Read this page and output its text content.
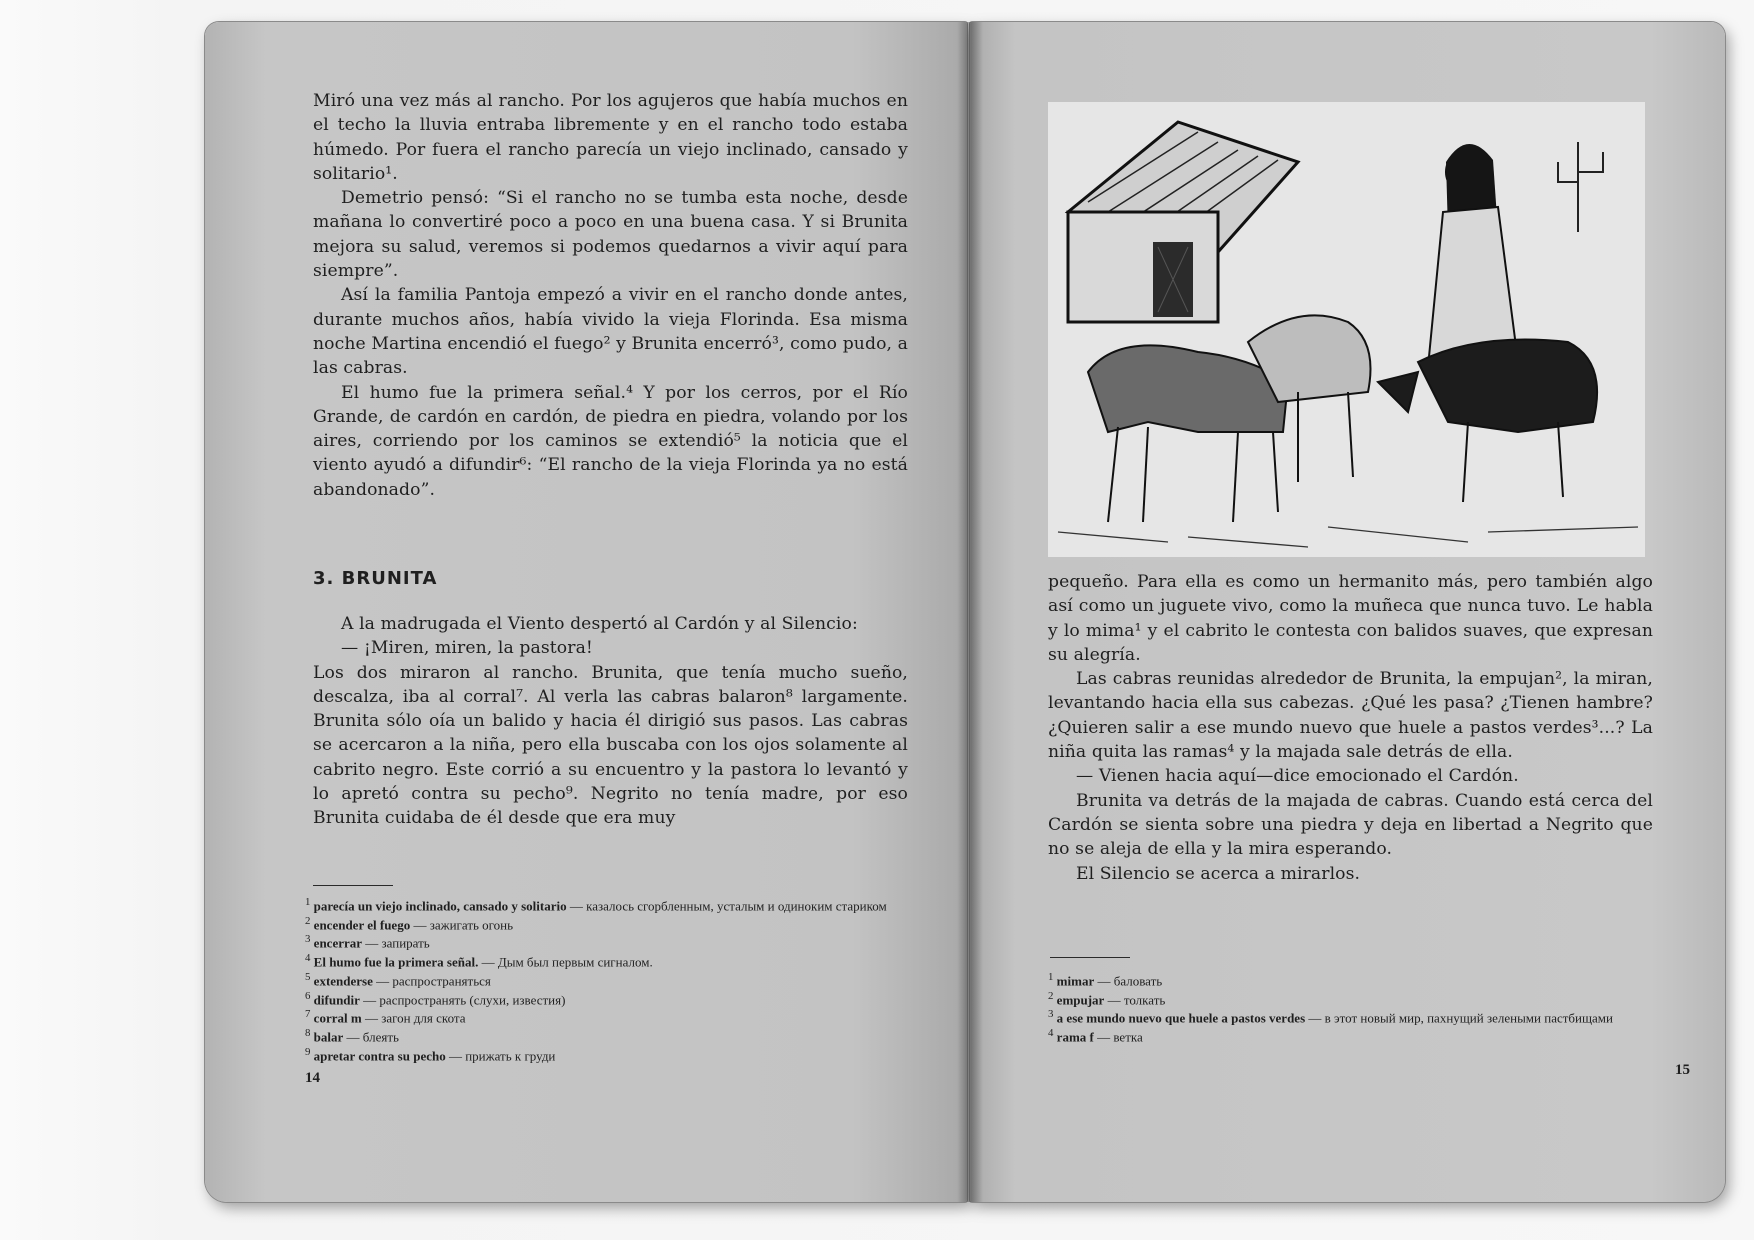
Miró una vez más al rancho. Por los agujeros que había muchos en el techo la lluvia entraba libremente y en el rancho todo estaba húmedo. Por fuera el rancho parecía un viejo inclinado, cansado y solitario¹.

Demetrio pensó: “Si el rancho no se tumba esta noche, desde mañana lo convertiré poco a poco en una buena casa. Y si Brunita mejora su salud, veremos si podemos quedarnos a vivir aquí para siempre”.

Así la familia Pantoja empezó a vivir en el rancho donde antes, durante muchos años, había vivido la vieja Florinda. Esa misma noche Martina encendió el fuego² y Brunita encerró³, como pudo, a las cabras.

El humo fue la primera señal.⁴ Y por los cerros, por el Río Grande, de cardón en cardón, de piedra en piedra, volando por los aires, corriendo por los caminos se extendió⁵ la noticia que el viento ayudó a difundir⁶: “El rancho de la vieja Florinda ya no está abandonado”.

3. BRUNITA

A la madrugada el Viento despertó al Cardón y al Silencio:

— ¡Miren, miren, la pastora!

Los dos miraron al rancho. Brunita, que tenía mucho sueño, descalza, iba al corral⁷. Al verla las cabras balaron⁸ largamente. Brunita sólo oía un balido y hacia él dirigió sus pasos. Las cabras se acercaron a la niña, pero ella buscaba con los ojos solamente al cabrito negro. Este corrió a su encuentro y la pastora lo levantó y lo apretó contra su pecho⁹. Negrito no tenía madre, por eso Brunita cuidaba de él desde que era muy

$^1$ parecía un viejo inclinado, cansado y solitario — казалось сгорбленным, усталым и одиноким стариком
$^2$ encender el fuego — зажигать огонь
$^3$ encerrar — запирать
$^4$ El humo fue la primera señal. — Дым был первым сигналом.
$^5$ extenderse — распространяться
$^6$ difundir — распространять (слухи, известия)
$^7$ corral m — загон для скота
$^8$ balar — блеять
$^9$ apretar contra su pecho — прижать к груди
14

pequeño. Para ella es como un hermanito más, pero también algo así como un juguete vivo, como la muñeca que nunca tuvo. Le habla y lo mima¹ y el cabrito le contesta con balidos suaves, que expresan su alegría.

Las cabras reunidas alrededor de Brunita, la empujan², la miran, levantando hacia ella sus cabezas. ¿Qué les pasa? ¿Tienen hambre? ¿Quieren salir a ese mundo nuevo que huele a pastos verdes³...? La niña quita las ramas⁴ y la majada sale detrás de ella.

— Vienen hacia aquí—dice emocionado el Cardón.

Brunita va detrás de la majada de cabras. Cuando está cerca del Cardón se sienta sobre una piedra y deja en libertad a Negrito que no se aleja de ella y la mira esperando.

El Silencio se acerca a mirarlos.

$^1$ mimar — баловать
$^2$ empujar — толкать
$^3$ a ese mundo nuevo que huele a pastos verdes — в этот новый мир, пахнущий зелеными пастбищами
$^4$ rama f — ветка
15
